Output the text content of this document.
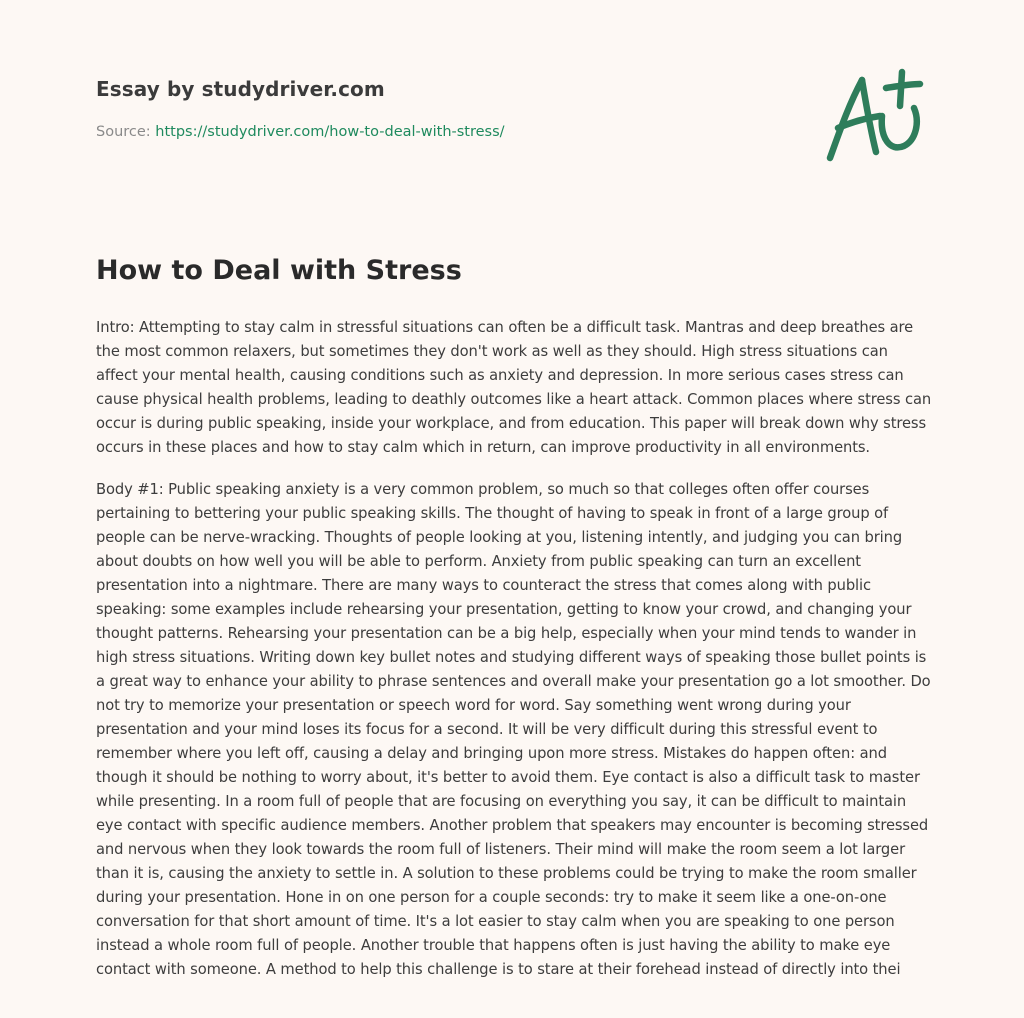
Essay by studydriver.com
Source: https://studydriver.com/how-to-deal-with-stress/
How to Deal with Stress

Intro: Attempting to stay calm in stressful situations can often be a difficult task. Mantras and deep breathes are the most common relaxers, but sometimes they don't work as well as they should. High stress situations can affect your mental health, causing conditions such as anxiety and depression. In more serious cases stress can cause physical health problems, leading to deathly outcomes like a heart attack. Common places where stress can occur is during public speaking, inside your workplace, and from education. This paper will break down why stress occurs in these places and how to stay calm which in return, can improve productivity in all environments.

Body #1: Public speaking anxiety is a very common problem, so much so that colleges often offer courses pertaining to bettering your public speaking skills. The thought of having to speak in front of a large group of people can be nerve-wracking. Thoughts of people looking at you, listening intently, and judging you can bring about doubts on how well you will be able to perform. Anxiety from public speaking can turn an excellent presentation into a nightmare. There are many ways to counteract the stress that comes along with public speaking: some examples include rehearsing your presentation, getting to know your crowd, and changing your thought patterns. Rehearsing your presentation can be a big help, especially when your mind tends to wander in high stress situations. Writing down key bullet notes and studying different ways of speaking those bullet points is a great way to enhance your ability to phrase sentences and overall make your presentation go a lot smoother. Do not try to memorize your presentation or speech word for word. Say something went wrong during your presentation and your mind loses its focus for a second. It will be very difficult during this stressful event to remember where you left off, causing a delay and bringing upon more stress. Mistakes do happen often: and though it should be nothing to worry about, it's better to avoid them. Eye contact is also a difficult task to master while presenting. In a room full of people that are focusing on everything you say, it can be difficult to maintain eye contact with specific audience members. Another problem that speakers may encounter is becoming stressed and nervous when they look towards the room full of listeners. Their mind will make the room seem a lot larger than it is, causing the anxiety to settle in. A solution to these problems could be trying to make the room smaller during your presentation. Hone in on one person for a couple seconds: try to make it seem like a one-on-one conversation for that short amount of time. It's a lot easier to stay calm when you are speaking to one person instead a whole room full of people. Another trouble that happens often is just having the ability to make eye contact with someone. A method to help this challenge is to stare at their forehead instead of directly into thei
